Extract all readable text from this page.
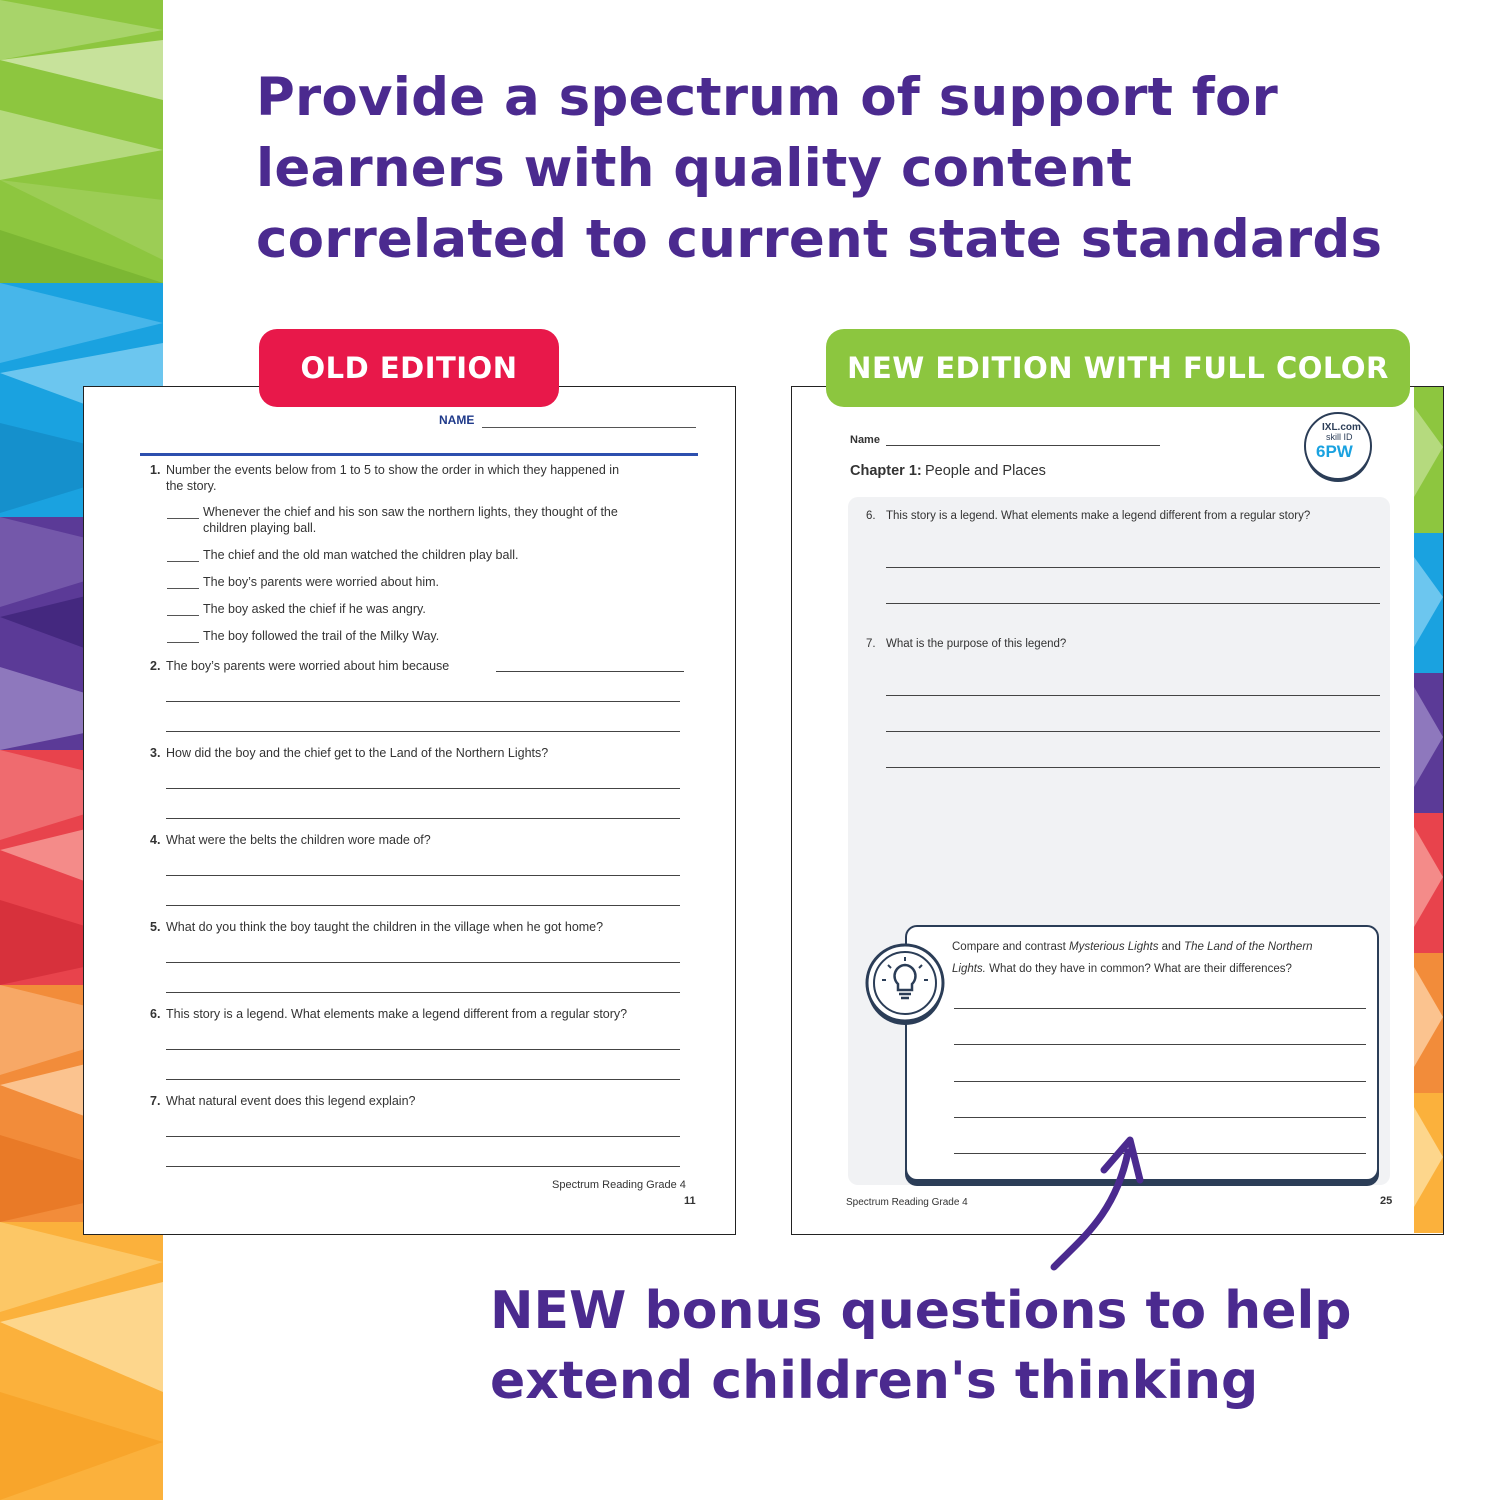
Provide a spectrum of support for
learners with quality content
correlated to current state standards
NAME
1. Number the events below from 1 to 5 to show the order in which they happened in
the story.
Whenever the chief and his son saw the northern lights, they thought of the
children playing ball.
The chief and the old man watched the children play ball.
The boy’s parents were worried about him.
The boy asked the chief if he was angry.
The boy followed the trail of the Milky Way.
2. The boy’s parents were worried about him because
3. How did the boy and the chief get to the Land of the Northern Lights?
4. What were the belts the children wore made of?
5. What do you think the boy taught the children in the village when he got home?
6. This story is a legend. What elements make a legend different from a regular story?
7. What natural event does this legend explain?
Spectrum Reading Grade 4
11
OLD EDITION
Name
Chapter 1: People and Places
IXL.com
skill ID
6PW
6. This story is a legend. What elements make a legend different from a regular story?
7. What is the purpose of this legend?
Compare and contrast Mysterious Lights and The Land of the Northern
Lights. What do they have in common? What are their differences?
Spectrum Reading Grade 4	25
NEW EDITION WITH FULL COLOR
NEW bonus questions to help
extend children's thinking
